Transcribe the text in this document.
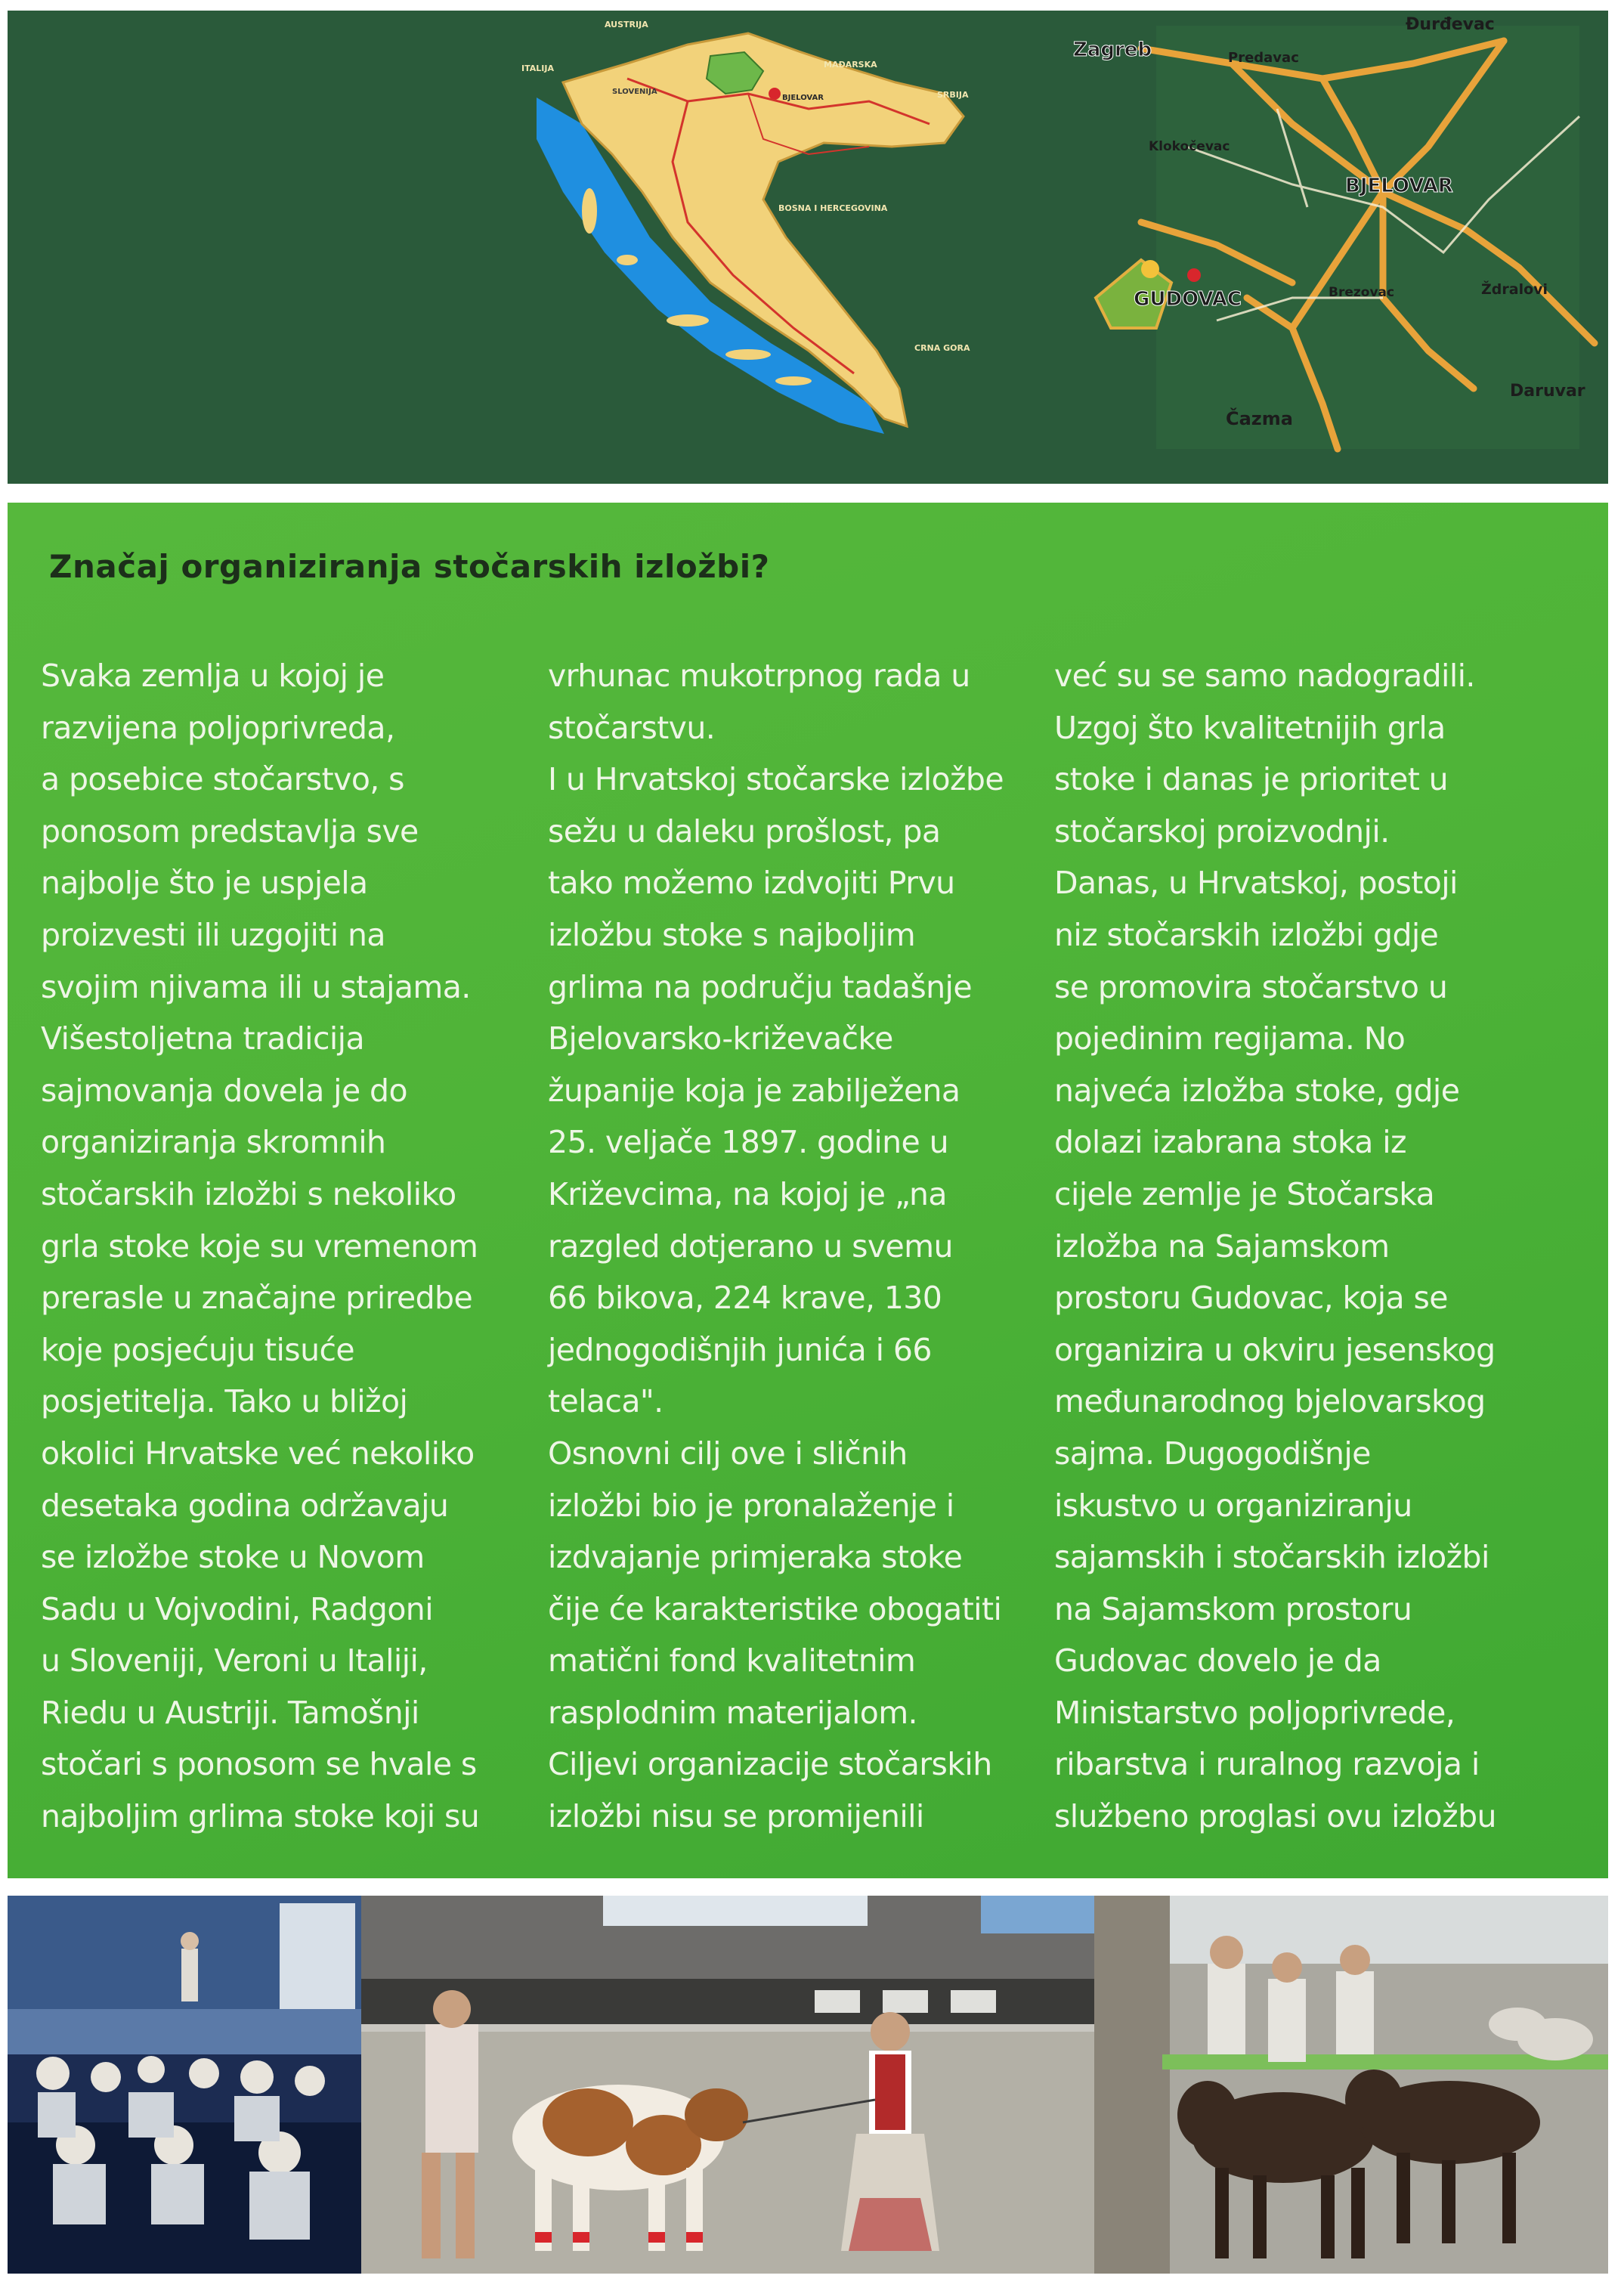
AUSTRIJA
ITALIJA
SLOVENIJA
MAĐARSKA
SRBIJA
BOSNA I HERCEGOVINA
CRNA GORA
BJELOVAR
Zagreb	Predavac
Đurđevac
Klokočevac
BJELOVAR
GUDOVAC	Brezovac	Ždralovi
Daruvar
Čazma
Značaj organiziranja stočarskih izložbi?
Svaka zemlja u kojoj je
razvijena poljoprivreda,
a posebice stočarstvo, s
ponosom predstavlja sve
najbolje što je uspjela
proizvesti ili uzgojiti na
svojim njivama ili u stajama.
Višestoljetna tradicija
sajmovanja dovela je do
organiziranja skromnih
stočarskih izložbi s nekoliko
grla stoke koje su vremenom
prerasle u značajne priredbe
koje posjećuju tisuće
posjetitelja. Tako u bližoj
okolici Hrvatske već nekoliko
desetaka godina održavaju
se izložbe stoke u Novom
Sadu u Vojvodini, Radgoni
u Sloveniji, Veroni u Italiji,
Riedu u Austriji. Tamošnji
stočari s ponosom se hvale s
najboljim grlima stoke koji su
vrhunac mukotrpnog rada u
stočarstvu.
I u Hrvatskoj stočarske izložbe
sežu u daleku prošlost, pa
tako možemo izdvojiti Prvu
izložbu stoke s najboljim
grlima na području tadašnje
Bjelovarsko-križevačke
županije koja je zabilježena
25. veljače 1897. godine u
Križevcima, na kojoj je „na
razgled dotjerano u svemu
66 bikova, 224 krave, 130
jednogodišnjih junića i 66
telaca".
Osnovni cilj ove i sličnih
izložbi bio je pronalaženje i
izdvajanje primjeraka stoke
čije će karakteristike obogatiti
matični fond kvalitetnim
rasplodnim materijalom.
Ciljevi organizacije stočarskih
izložbi nisu se promijenili
već su se samo nadogradili.
Uzgoj što kvalitetnijih grla
stoke i danas je prioritet u
stočarskoj proizvodnji.
Danas, u Hrvatskoj, postoji
niz stočarskih izložbi gdje
se promovira stočarstvo u
pojedinim regijama. No
najveća izložba stoke, gdje
dolazi izabrana stoka iz
cijele zemlje je Stočarska
izložba na Sajamskom
prostoru Gudovac, koja se
organizira u okviru jesenskog
međunarodnog bjelovarskog
sajma. Dugogodišnje
iskustvo u organiziranju
sajamskih i stočarskih izložbi
na Sajamskom prostoru
Gudovac dovelo je da
Ministarstvo poljoprivrede,
ribarstva i ruralnog razvoja i
službeno proglasi ovu izložbu
